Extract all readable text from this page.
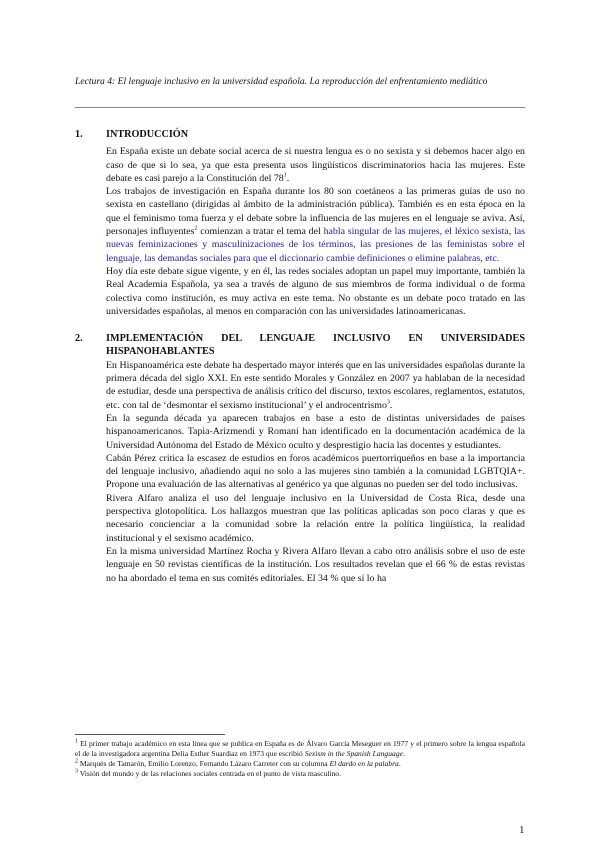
Lectura 4: El lenguaje inclusivo en la universidad española. La reproducción del enfrentamiento mediático
1.	INTRODUCCIÓN

En España existe un debate social acerca de si nuestra lengua es o no sexista y si debemos hacer algo en caso de que si lo sea, ya que esta presenta usos lingüísticos discriminatorios hacia las mujeres. Este debate es casi parejo a la Constitución del $78^1$.

Los trabajos de investigación en España durante los 80 son coetáneos a las primeras guías de uso no sexista en castellano (dirigidas al ámbito de la administración pública). También es en esta época en la que el feminismo toma fuerza y el debate sobre la influencia de las mujeres en el lenguaje se aviva. Así, personajes influyentes$^2$ comienzan a tratar el tema del habla singular de las mujeres, el léxico sexista, las nuevas feminizaciones y masculinizaciones de los términos, las presiones de las feministas sobre el lenguaje, las demandas sociales para que el diccionario cambie definiciones o elimine palabras, etc.

Hoy día este debate sigue vigente, y en él, las redes sociales adoptan un papel muy importante, también la Real Academia Española, ya sea a través de alguno de sus miembros de forma individual o de forma colectiva como institución, es muy activa en este tema. No obstante es un debate poco tratado en las universidades españolas, al menos en comparación con las universidades latinoamericanas.

2.	IMPLEMENTACIÓN DEL LENGUAJE INCLUSIVO EN UNIVERSIDADES HISPANOHABLANTES

En Hispanoamérica este debate ha despertado mayor interés que en las universidades españolas durante la primera década del siglo XXI. En este sentido Morales y González en 2007 ya hablaban de la necesidad de estudiar, desde una perspectiva de análisis crítico del discurso, textos escolares, reglamentos, estatutos, etc. con tal de ‘desmontar el sexismo institucional’ y el androcentrismo$^3$.

En la segunda década ya aparecen trabajos en base a esto de distintas universidades de países hispanoamericanos. Tapia-Arizmendi y Romaní han identificado en la documentación académica de la Universidad Autónoma del Estado de México oculto y desprestigio hacia las docentes y estudiantes.

Cabán Pérez critica la escasez de estudios en foros académicos puertorriqueños en base a la importancia del lenguaje inclusivo, añadiendo aquí no solo a las mujeres sino también a la comunidad LGBTQIA+. Propone una evaluación de las alternativas al genérico ya que algunas no pueden ser del todo inclusivas.

Rivera Alfaro analiza el uso del lenguaje inclusivo en la Universidad de Costa Rica, desde una perspectiva glotopolítica. Los hallazgos muestran que las políticas aplicadas son poco claras y que es necesario concienciar a la comunidad sobre la relación entre la política lingüística, la realidad institucional y el sexismo académico.

En la misma universidad Martínez Rocha y Rivera Alfaro llevan a cabo otro análisis sobre el uso de este lenguaje en 50 revistas científicas de la institución. Los resultados revelan que el 66 % de estas revistas no ha abordado el tema en sus comités editoriales. El 34 % que sí lo ha

$^1$ El primer trabajo académico en esta línea que se publica en España es de Álvaro García Meseguer en 1977 y el primero sobre la lengua española el de la investigadora argentina Delia Esther Suardiaz en 1973 que escribió Sexism in the Spanish Language.

$^2$ Marqués de Tamarón, Emilio Lorenzo, Fernando Lázaro Carreter con su columna El dardo en la palabra.

$^3$ Visión del mundo y de las relaciones sociales centrada en el punto de vista masculino.

1
